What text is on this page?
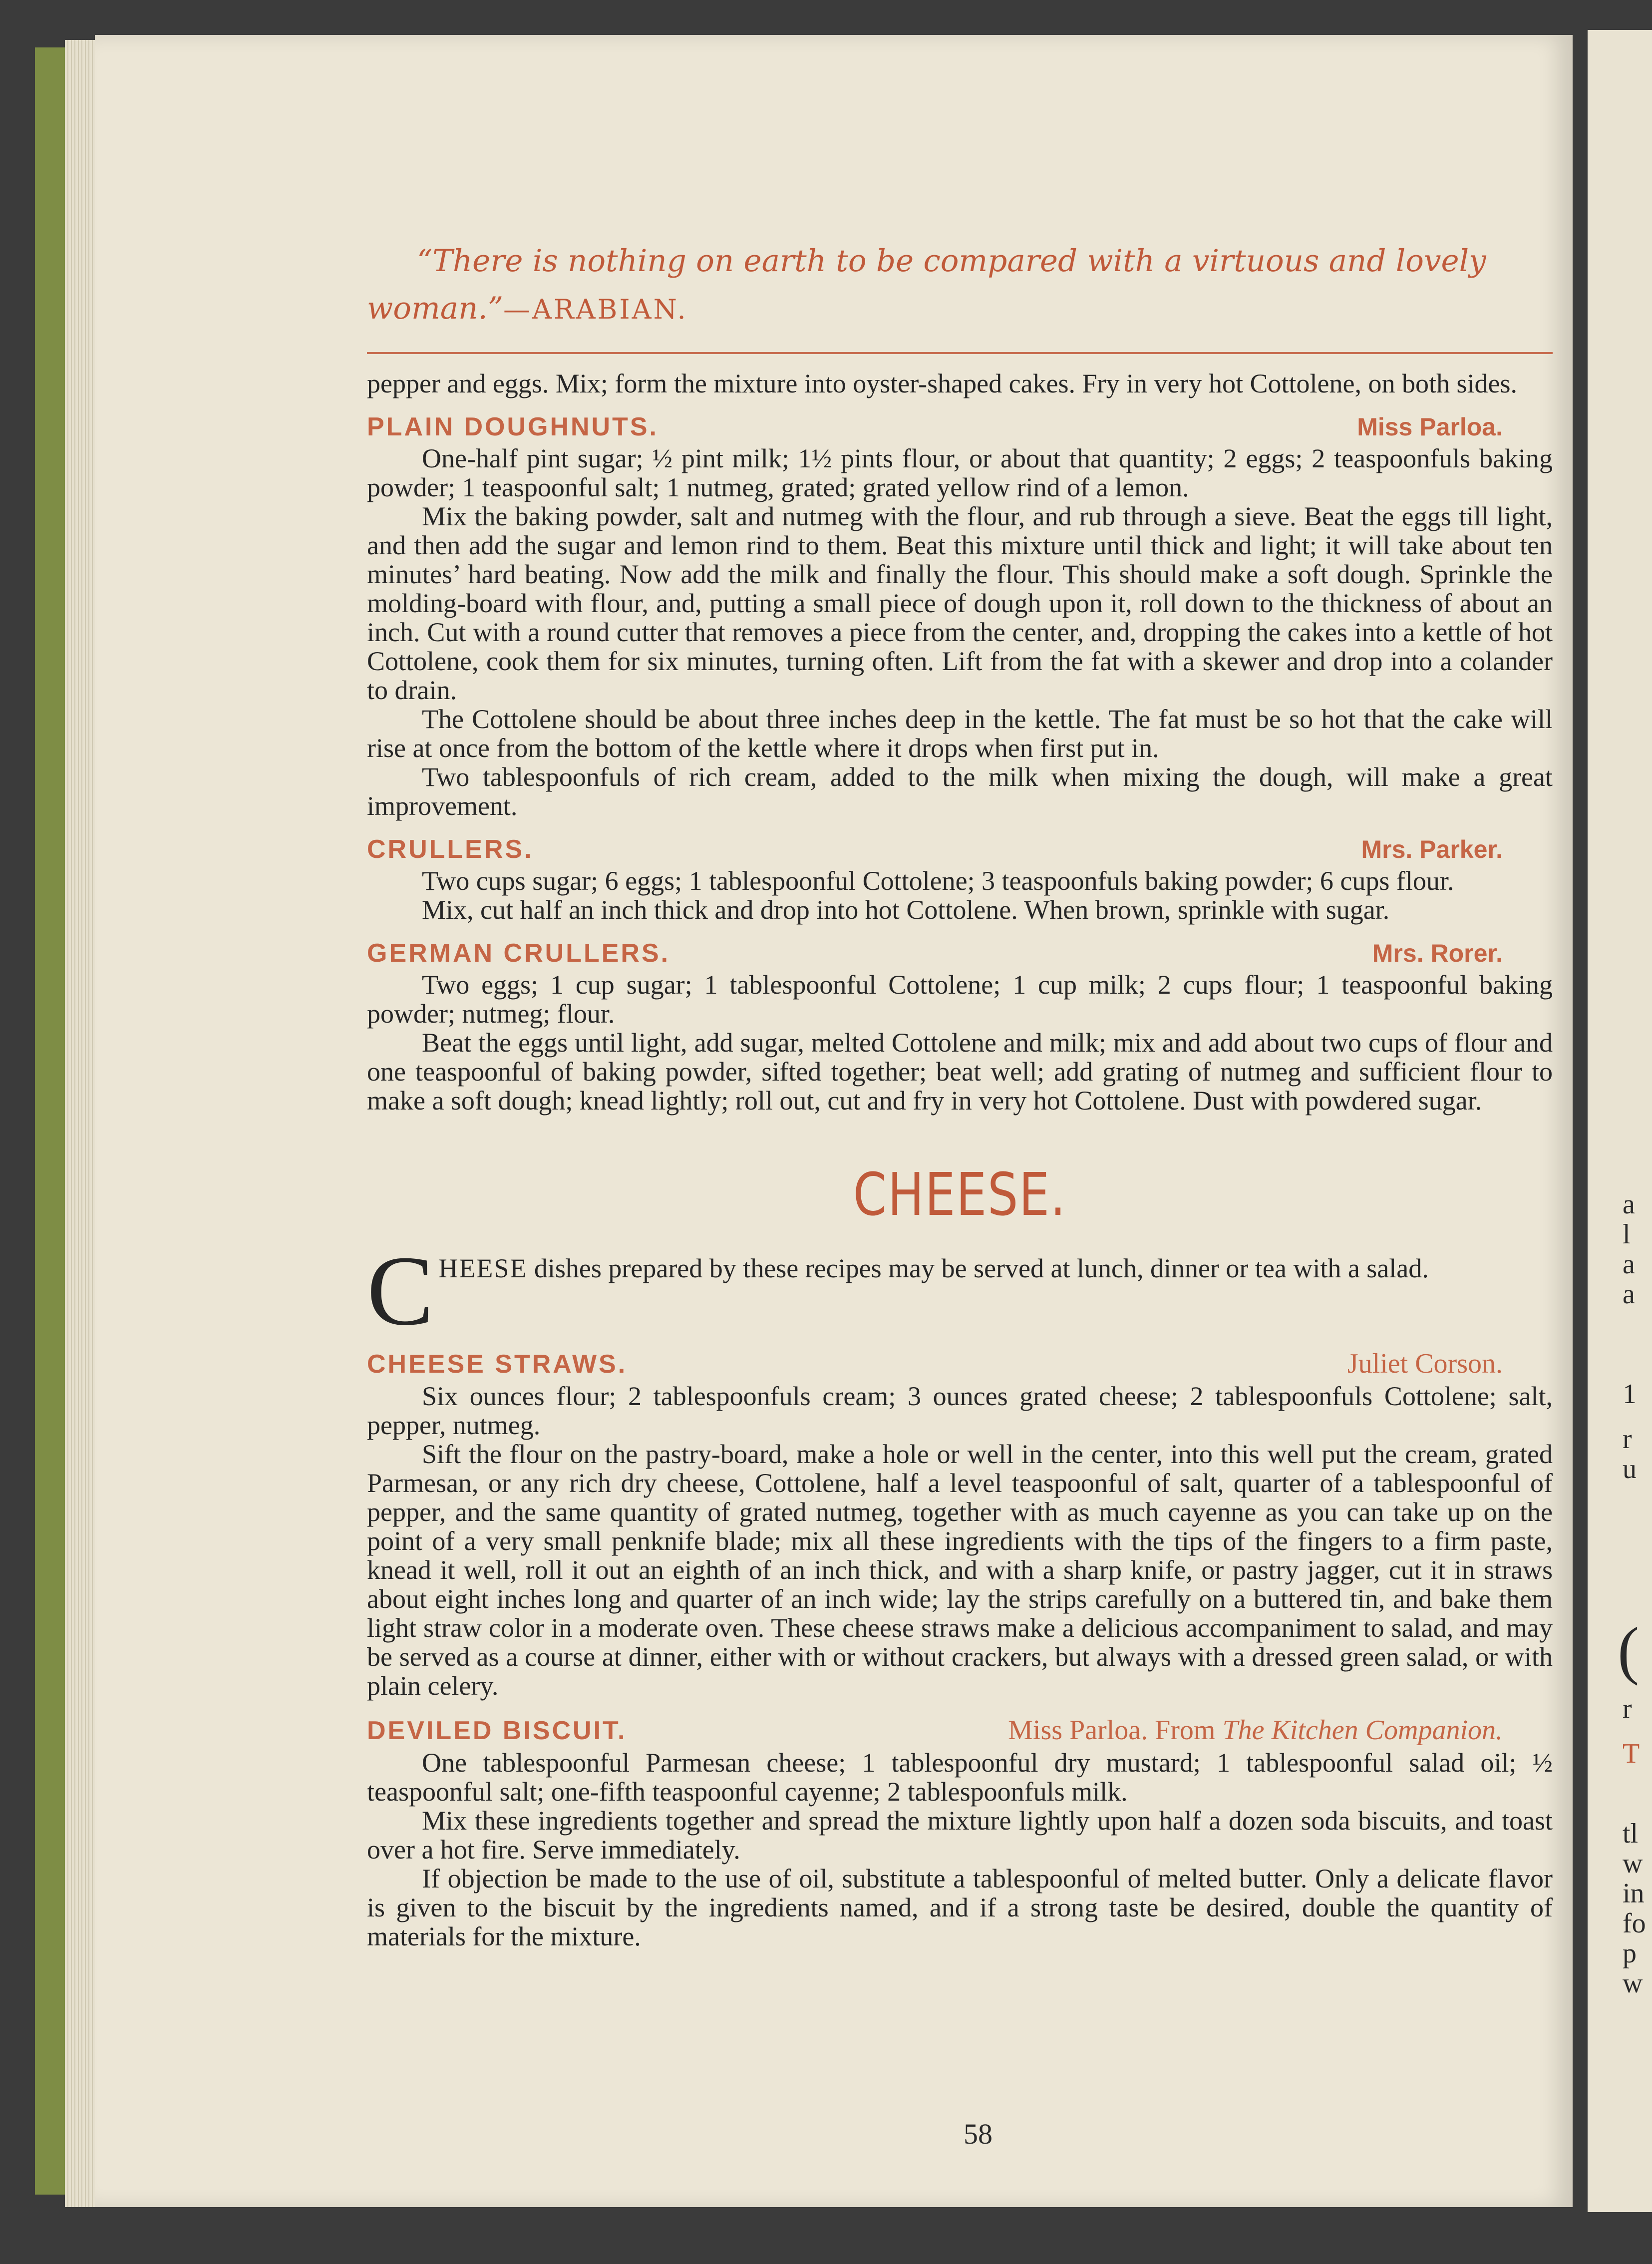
“There is nothing on earth to be compared with a virtuous and lovely
woman.”—ARABIAN.

pepper and eggs. Mix; form the mixture into oyster-shaped cakes. Fry in very hot Cottolene, on both sides.

PLAIN DOUGHNUTS.	Miss Parloa.

One-half pint sugar; ½ pint milk; 1½ pints flour, or about that quantity; 2 eggs; 2 teaspoonfuls baking powder; 1 teaspoonful salt; 1 nutmeg, grated; grated yellow rind of a lemon.

Mix the baking powder, salt and nutmeg with the flour, and rub through a sieve. Beat the eggs till light, and then add the sugar and lemon rind to them. Beat this mixture until thick and light; it will take about ten minutes’ hard beating. Now add the milk and finally the flour. This should make a soft dough. Sprinkle the molding-board with flour, and, putting a small piece of dough upon it, roll down to the thickness of about an inch. Cut with a round cutter that removes a piece from the center, and, dropping the cakes into a kettle of hot Cottolene, cook them for six minutes, turning often. Lift from the fat with a skewer and drop into a colander to drain.

The Cottolene should be about three inches deep in the kettle. The fat must be so hot that the cake will rise at once from the bottom of the kettle where it drops when first put in.

Two tablespoonfuls of rich cream, added to the milk when mixing the dough, will make a great improvement.

CRULLERS.	Mrs. Parker.

Two cups sugar; 6 eggs; 1 tablespoonful Cottolene; 3 teaspoonfuls baking powder; 6 cups flour.

Mix, cut half an inch thick and drop into hot Cottolene. When brown, sprinkle with sugar.

GERMAN CRULLERS.	Mrs. Rorer.

Two eggs; 1 cup sugar; 1 tablespoonful Cottolene; 1 cup milk; 2 cups flour; 1 teaspoonful baking powder; nutmeg; flour.

Beat the eggs until light, add sugar, melted Cottolene and milk; mix and add about two cups of flour and one teaspoonful of baking powder, sifted together; beat well; add grating of nutmeg and sufficient flour to make a soft dough; knead lightly; roll out, cut and fry in very hot Cottolene. Dust with powdered sugar.

CHEESE.
C HEESE dishes prepared by these recipes may be served at lunch, dinner or tea with a salad.
CHEESE STRAWS.	Juliet Corson.

Six ounces flour; 2 tablespoonfuls cream; 3 ounces grated cheese; 2 tablespoonfuls Cottolene; salt, pepper, nutmeg.

Sift the flour on the pastry-board, make a hole or well in the center, into this well put the cream, grated Parmesan, or any rich dry cheese, Cottolene, half a level teaspoonful of salt, quarter of a tablespoonful of pepper, and the same quantity of grated nutmeg, together with as much cayenne as you can take up on the point of a very small penknife blade; mix all these ingredients with the tips of the fingers to a firm paste, knead it well, roll it out an eighth of an inch thick, and with a sharp knife, or pastry jagger, cut it in straws about eight inches long and quarter of an inch wide; lay the strips carefully on a buttered tin, and bake them light straw color in a moderate oven. These cheese straws make a delicious accompaniment to salad, and may be served as a course at dinner, either with or without crackers, but always with a dressed green salad, or with plain celery.

DEVILED BISCUIT.	Miss Parloa. From The Kitchen Companion.

One tablespoonful Parmesan cheese; 1 tablespoonful dry mustard; 1 tablespoonful salad oil; ½ teaspoonful salt; one-fifth teaspoonful cayenne; 2 tablespoonfuls milk.

Mix these ingredients together and spread the mixture lightly upon half a dozen soda biscuits, and toast over a hot fire. Serve immediately.

If objection be made to the use of oil, substitute a tablespoonful of melted butter. Only a delicate flavor is given to the biscuit by the ingredients named, and if a strong taste be desired, double the quantity of materials for the mixture.

58
a
l
a
a
1
r
u
(
r
T
tl
w
in
fo
p
w
